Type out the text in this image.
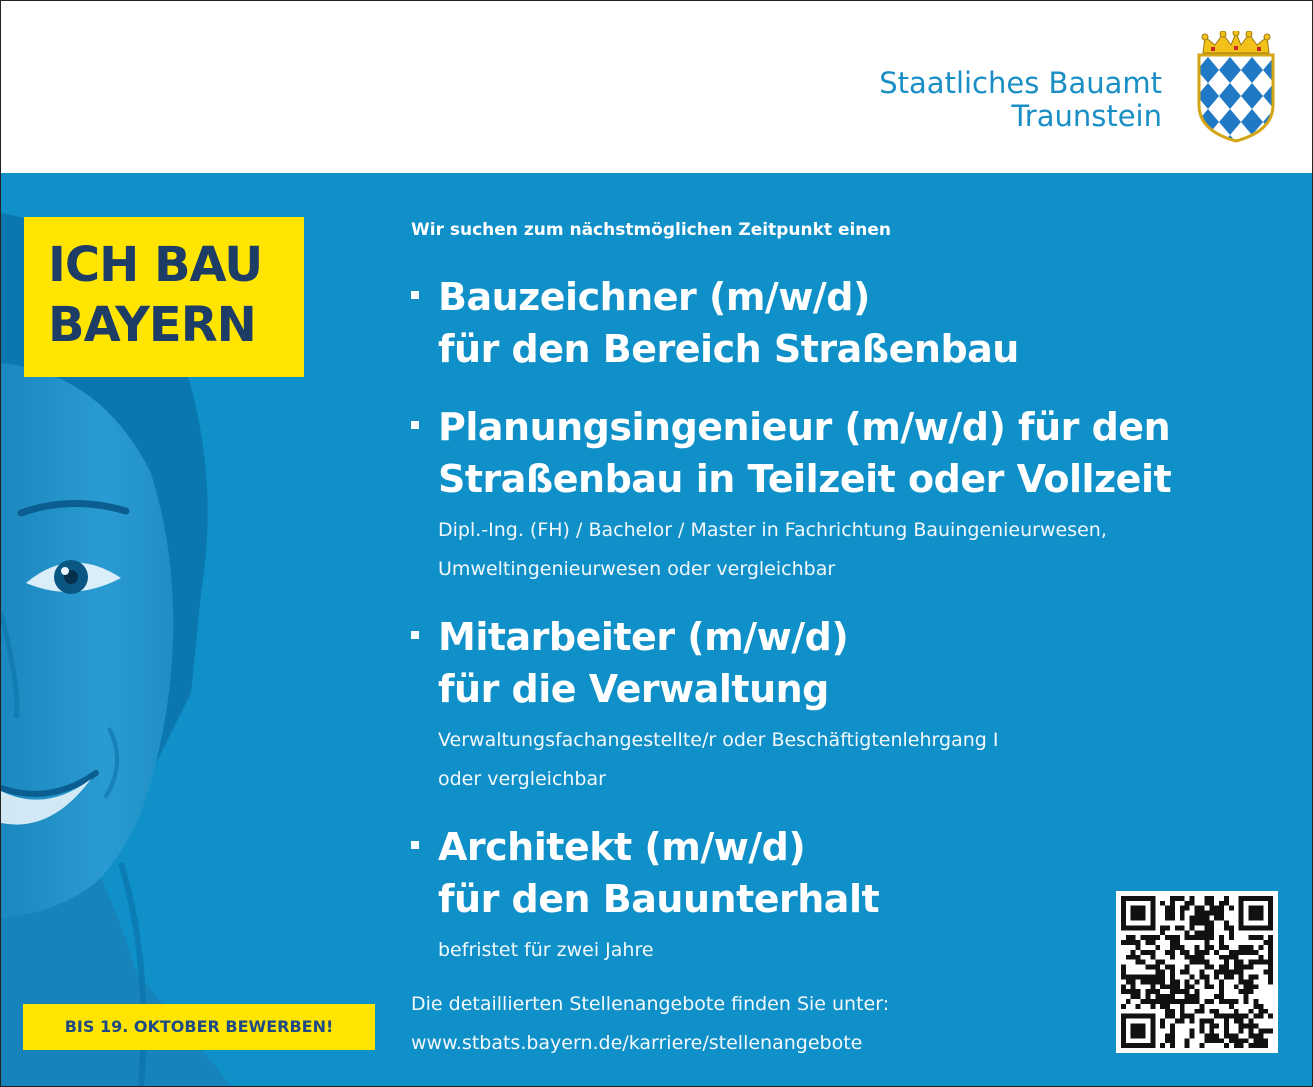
Staatliches Bauamt
Traunstein
ICH BAU
BAYERN
BIS 19. OKTOBER BEWERBEN!
Wir suchen zum nächstmöglichen Zeitpunkt einen
Bauzeichner (m/w/d)
für den Bereich Straßenbau
Planungsingenieur (m/w/d) für den
Straßenbau in Teilzeit oder Vollzeit
Dipl.-Ing. (FH) / Bachelor / Master in Fachrichtung Bauingenieurwesen,
Umweltingenieurwesen oder vergleichbar
Mitarbeiter (m/w/d)
für die Verwaltung
Verwaltungsfachangestellte/r oder Beschäftigtenlehrgang I
oder vergleichbar
Architekt (m/w/d)
für den Bauunterhalt
befristet für zwei Jahre
Die detaillierten Stellenangebote finden Sie unter:
www.stbats.bayern.de/karriere/stellenangebote
